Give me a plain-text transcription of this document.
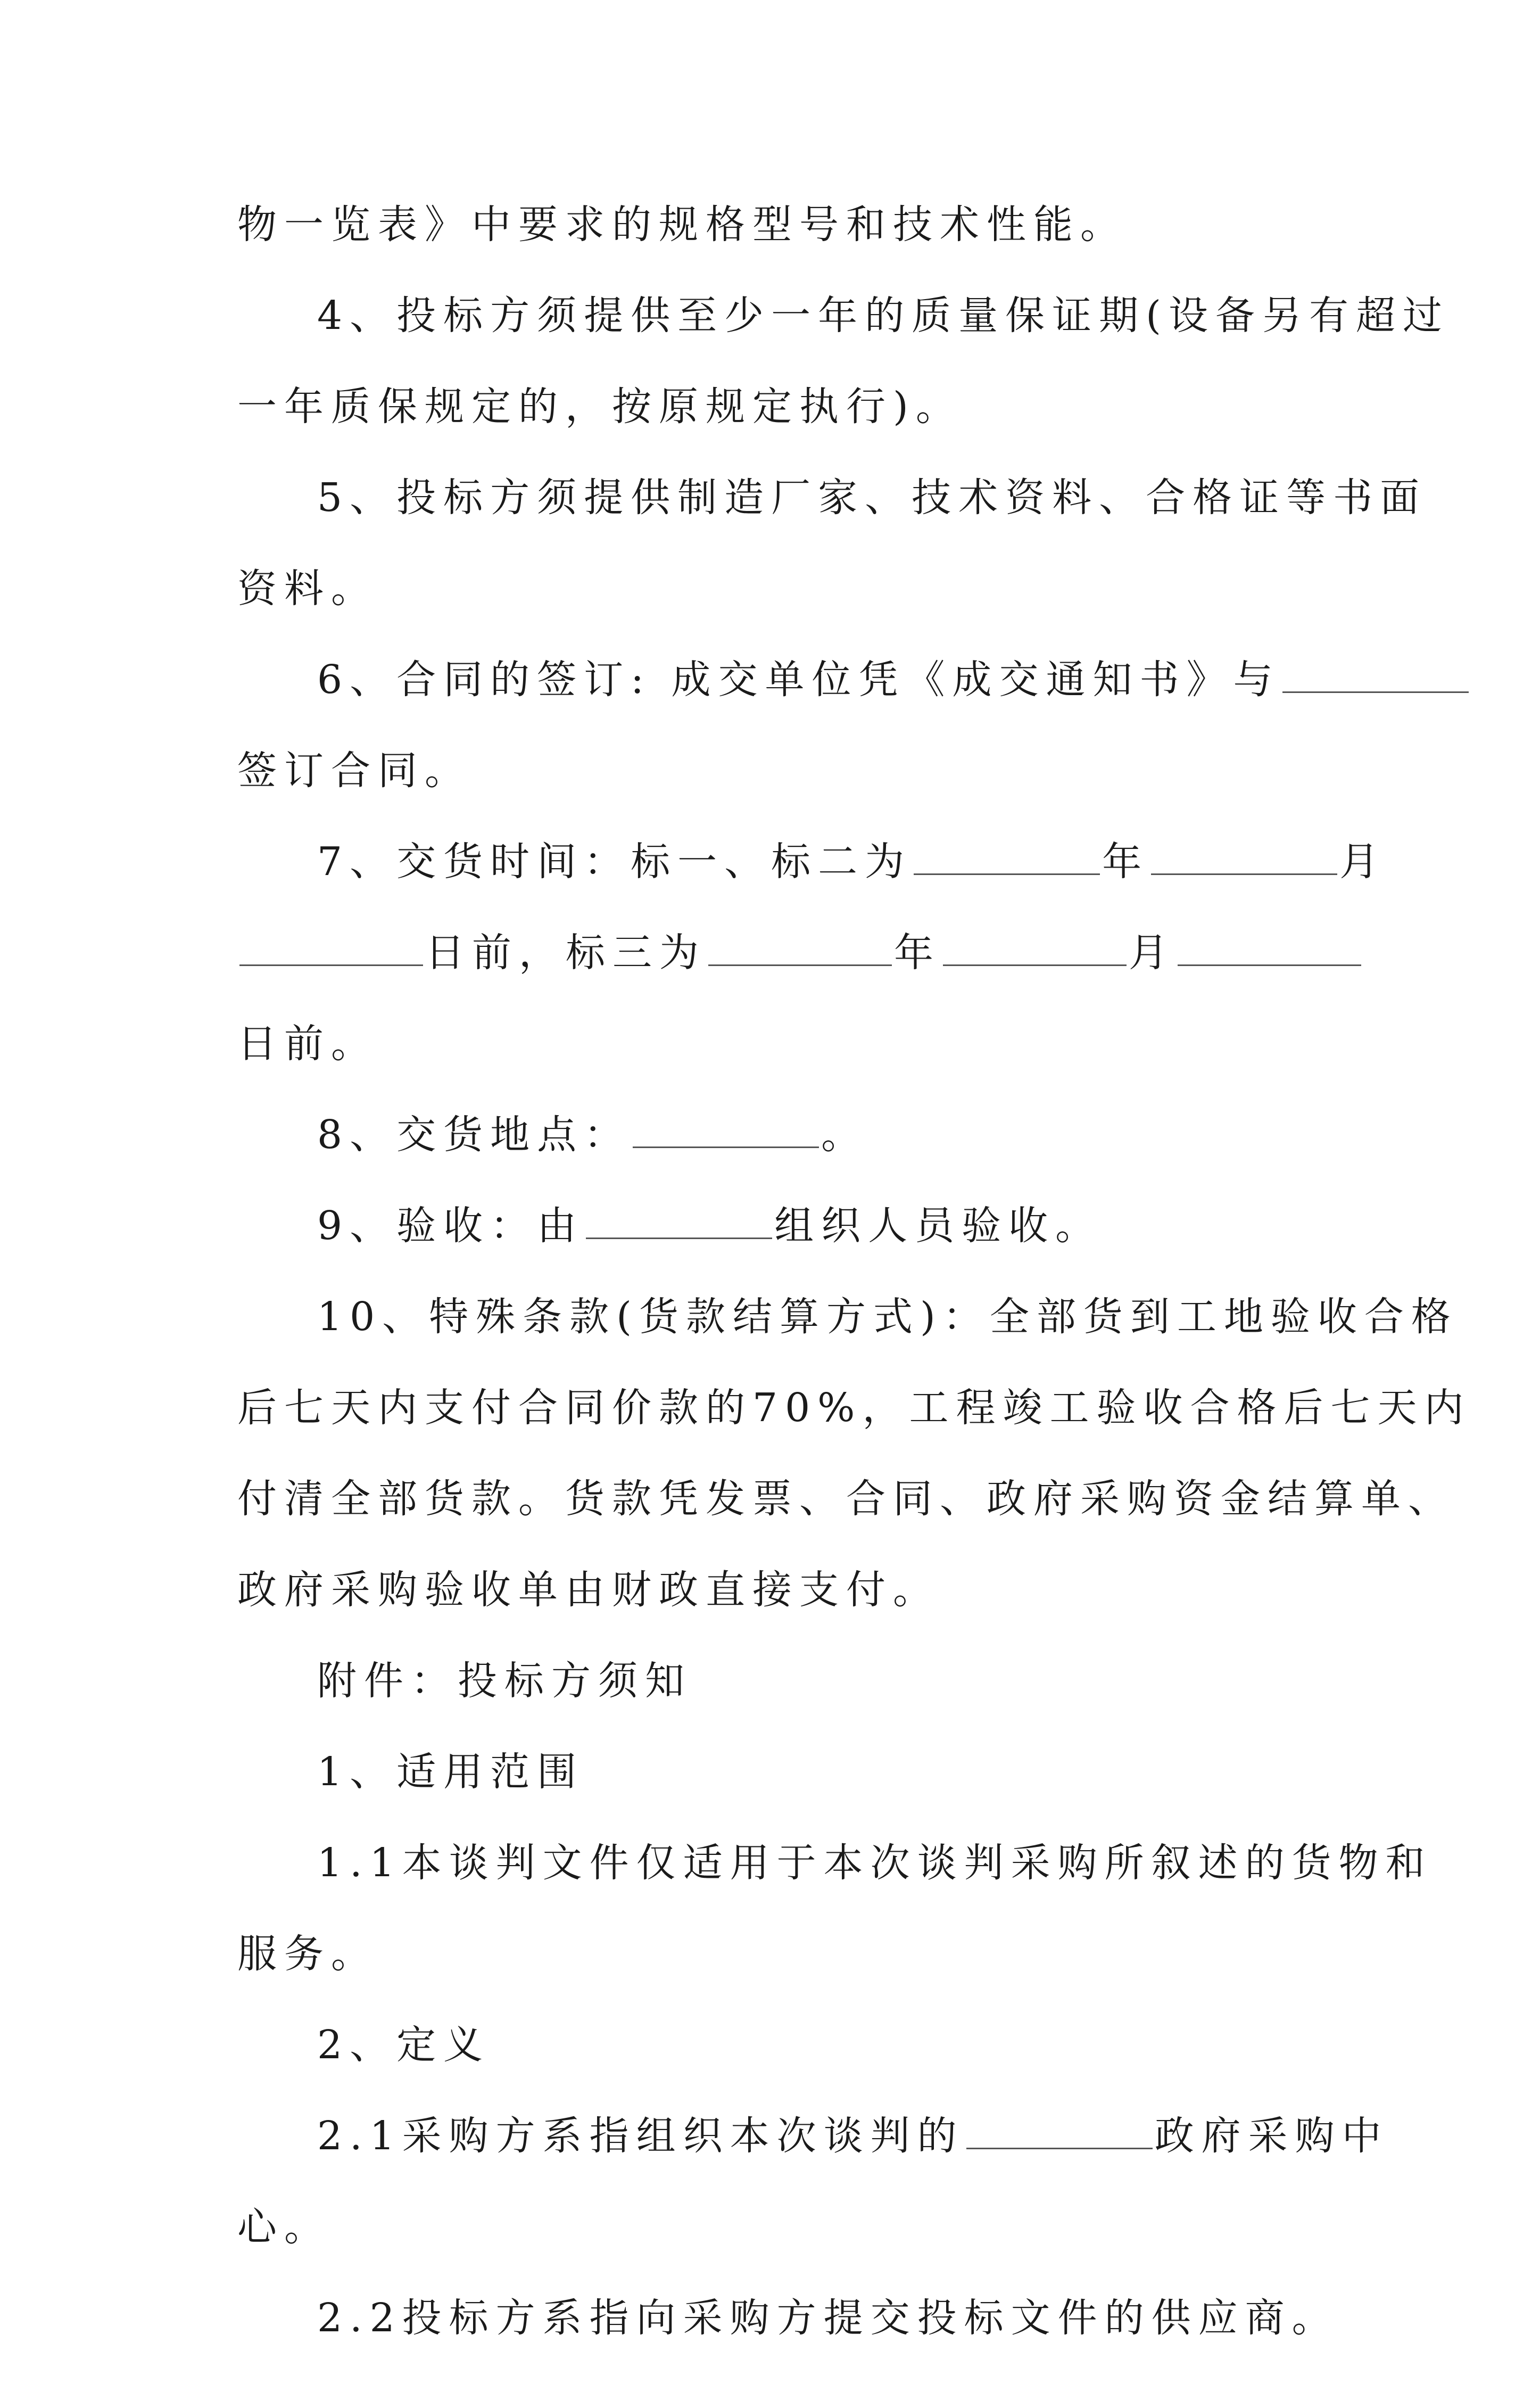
物一览表》中要求的规格型号和技术性能。

4、投标方须提供至少一年的质量保证期(设备另有超过

一年质保规定的，按原规定执行)。

5、投标方须提供制造厂家、技术资料、合格证等书面

资料。

6、合同的签订: 成交单位凭《成交通知书》与

签订合同。

7、交货时间：标一、标二为	年	月

日前，标三为	年	月

日前。

8、交货地点：	。

9、验收：由	组织人员验收。

10、特殊条款(货款结算方式)：全部货到工地验收合格

后七天内支付合同价款的70%，工程竣工验收合格后七天内

付清全部货款。货款凭发票、合同、政府采购资金结算单、

政府采购验收单由财政直接支付。

附件：投标方须知

1、适用范围

1.1本谈判文件仅适用于本次谈判采购所叙述的货物和

服务。

2、定义

2.1采购方系指组织本次谈判的	政府采购中

心。

2.2投标方系指向采购方提交投标文件的供应商。
